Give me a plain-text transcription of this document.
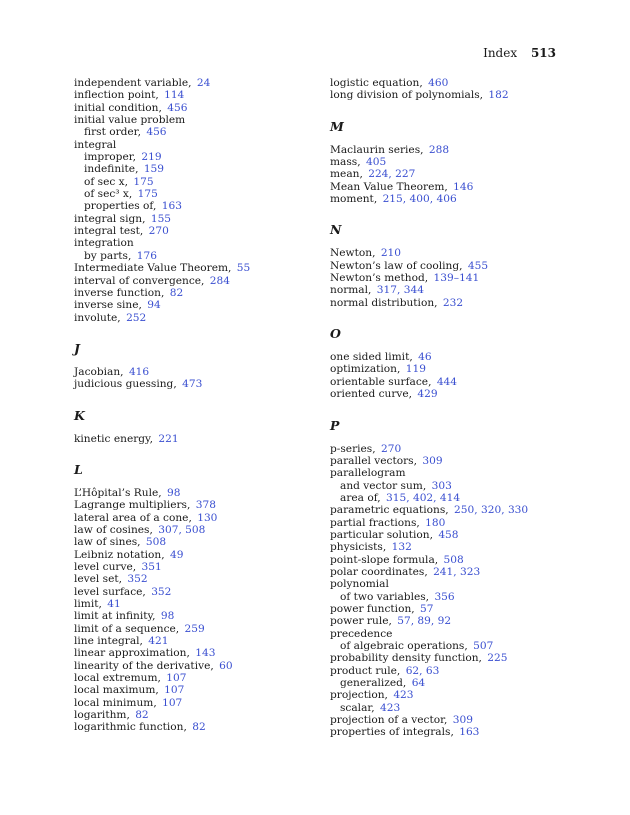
Index 513
independent variable, 24
inflection point, 114
initial condition, 456
initial value problem
first order, 456
integral
improper, 219
indefinite, 159
of sec x, 175
of sec³ x, 175
properties of, 163
integral sign, 155
integral test, 270
integration
by parts, 176
Intermediate Value Theorem, 55
interval of convergence, 284
inverse function, 82
inverse sine, 94
involute, 252
J
Jacobian, 416
judicious guessing, 473
K
kinetic energy, 221
L
L’Hôpital’s Rule, 98
Lagrange multipliers, 378
lateral area of a cone, 130
law of cosines, 307, 508
law of sines, 508
Leibniz notation, 49
level curve, 351
level set, 352
level surface, 352
limit, 41
limit at infinity, 98
limit of a sequence, 259
line integral, 421
linear approximation, 143
linearity of the derivative, 60
local extremum, 107
local maximum, 107
local minimum, 107
logarithm, 82
logarithmic function, 82
logistic equation, 460
long division of polynomials, 182
M
Maclaurin series, 288
mass, 405
mean, 224, 227
Mean Value Theorem, 146
moment, 215, 400, 406
N
Newton, 210
Newton’s law of cooling, 455
Newton’s method, 139–141
normal, 317, 344
normal distribution, 232
O
one sided limit, 46
optimization, 119
orientable surface, 444
oriented curve, 429
P
p-series, 270
parallel vectors, 309
parallelogram
and vector sum, 303
area of, 315, 402, 414
parametric equations, 250, 320, 330
partial fractions, 180
particular solution, 458
physicists, 132
point-slope formula, 508
polar coordinates, 241, 323
polynomial
of two variables, 356
power function, 57
power rule, 57, 89, 92
precedence
of algebraic operations, 507
probability density function, 225
product rule, 62, 63
generalized, 64
projection, 423
scalar, 423
projection of a vector, 309
properties of integrals, 163
